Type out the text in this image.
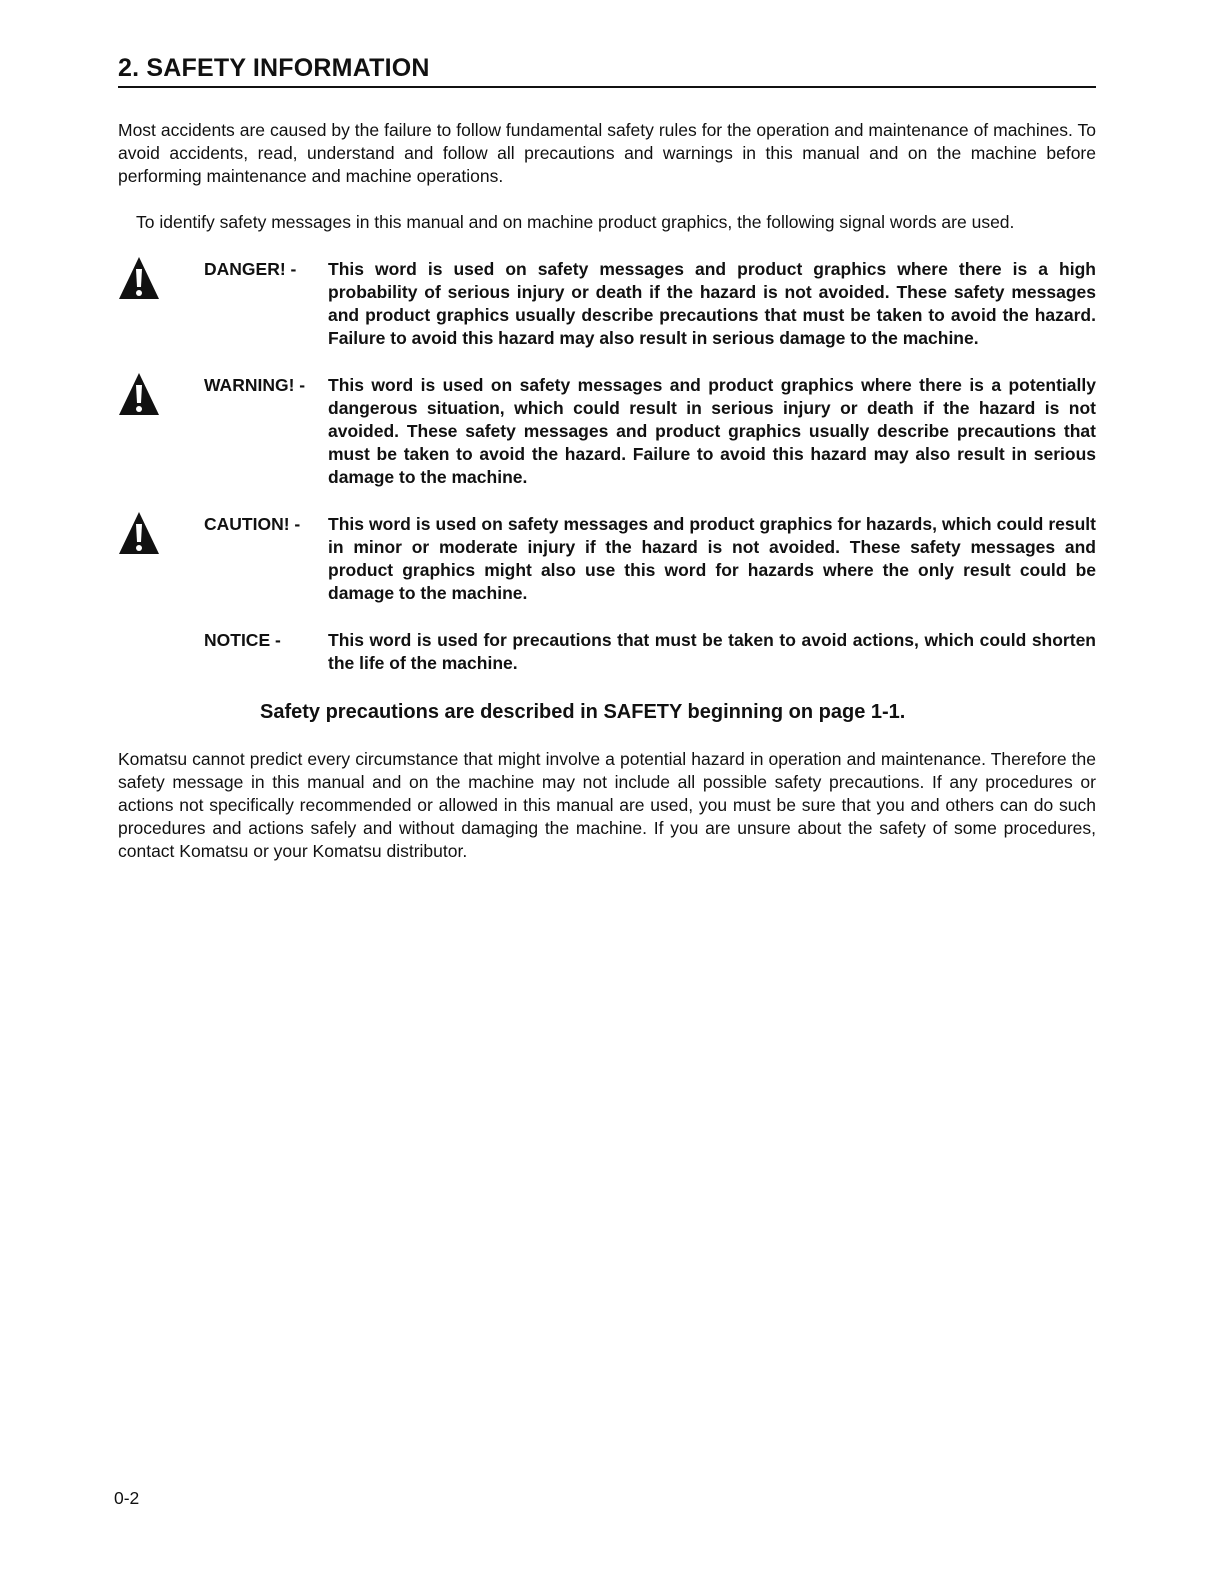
2. SAFETY INFORMATION

Most accidents are caused by the failure to follow fundamental safety rules for the operation and maintenance of machines. To avoid accidents, read, understand and follow all precautions and warnings in this manual and on the machine before performing maintenance and machine operations.

To identify safety messages in this manual and on machine product graphics, the following signal words are used.

DANGER! -	This word is used on safety messages and product graphics where there is a high probability of serious injury or death if the hazard is not avoided. These safety messages and product graphics usually describe precautions that must be taken to avoid the hazard. Failure to avoid this hazard may also result in serious damage to the machine.
WARNING! -	This word is used on safety messages and product graphics where there is a potentially dangerous situation, which could result in serious injury or death if the hazard is not avoided. These safety messages and product graphics usually describe precautions that must be taken to avoid the hazard. Failure to avoid this hazard may also result in serious damage to the machine.
CAUTION! -	This word is used on safety messages and product graphics for hazards, which could result in minor or moderate injury if the hazard is not avoided. These safety messages and product graphics might also use this word for hazards where the only result could be damage to the machine.
NOTICE -	This word is used for precautions that must be taken to avoid actions, which could shorten the life of the machine.

Safety precautions are described in SAFETY beginning on page 1-1.

Komatsu cannot predict every circumstance that might involve a potential hazard in operation and maintenance. Therefore the safety message in this manual and on the machine may not include all possible safety precautions. If any procedures or actions not specifically recommended or allowed in this manual are used, you must be sure that you and others can do such procedures and actions safely and without damaging the machine. If you are unsure about the safety of some procedures, contact Komatsu or your Komatsu distributor.

0-2
